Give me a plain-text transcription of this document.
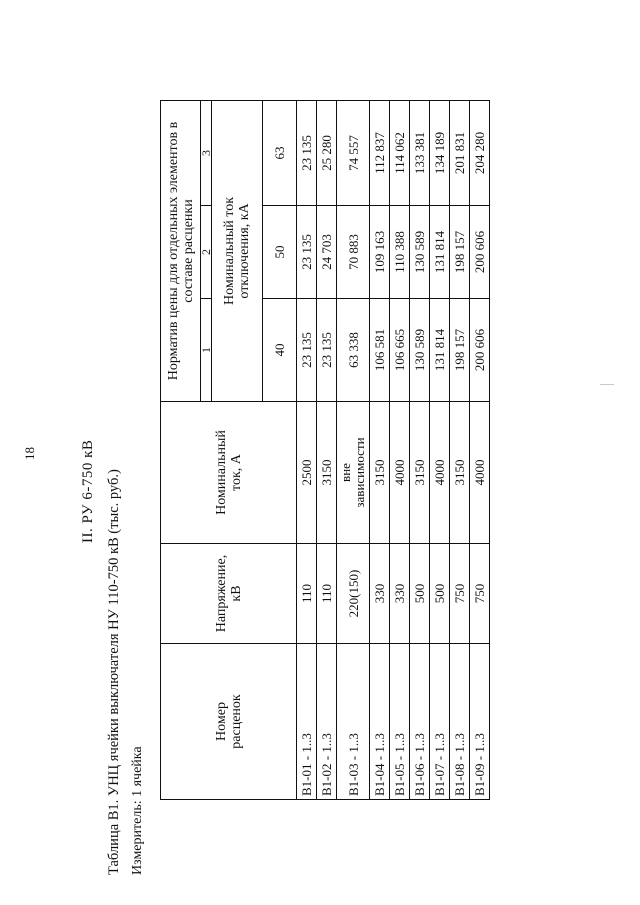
18	II. РУ 6-750 кВ Таблица В1. УНЦ ячейки выключателя НУ 110-750 кВ (тыс. руб.) Измеритель: 1 ячейка
Номер расценок	Напряжение, кВ	Номинальный ток, А	Норматив цены для отдельных элементов в составе расценки
1	2	3

Номинальный ток отключения, кА
40	50	63

В1-01 - 1..3	110	2500	23 135	23 135	23 135
В1-02 - 1..3	110	3150	23 135	24 703	25 280
В1-03 - 1..3	220(150)	вне зависимости	63 338	70 883	74 557
В1-04 - 1..3	330	3150	106 581	109 163	112 837
В1-05 - 1..3	330	4000	106 665	110 388	114 062
В1-06 - 1..3	500	3150	130 589	130 589	133 381
В1-07 - 1..3	500	4000	131 814	131 814	134 189
В1-08 - 1..3	750	3150	198 157	198 157	201 831
В1-09 - 1..3	750	4000	200 606	200 606	204 280
